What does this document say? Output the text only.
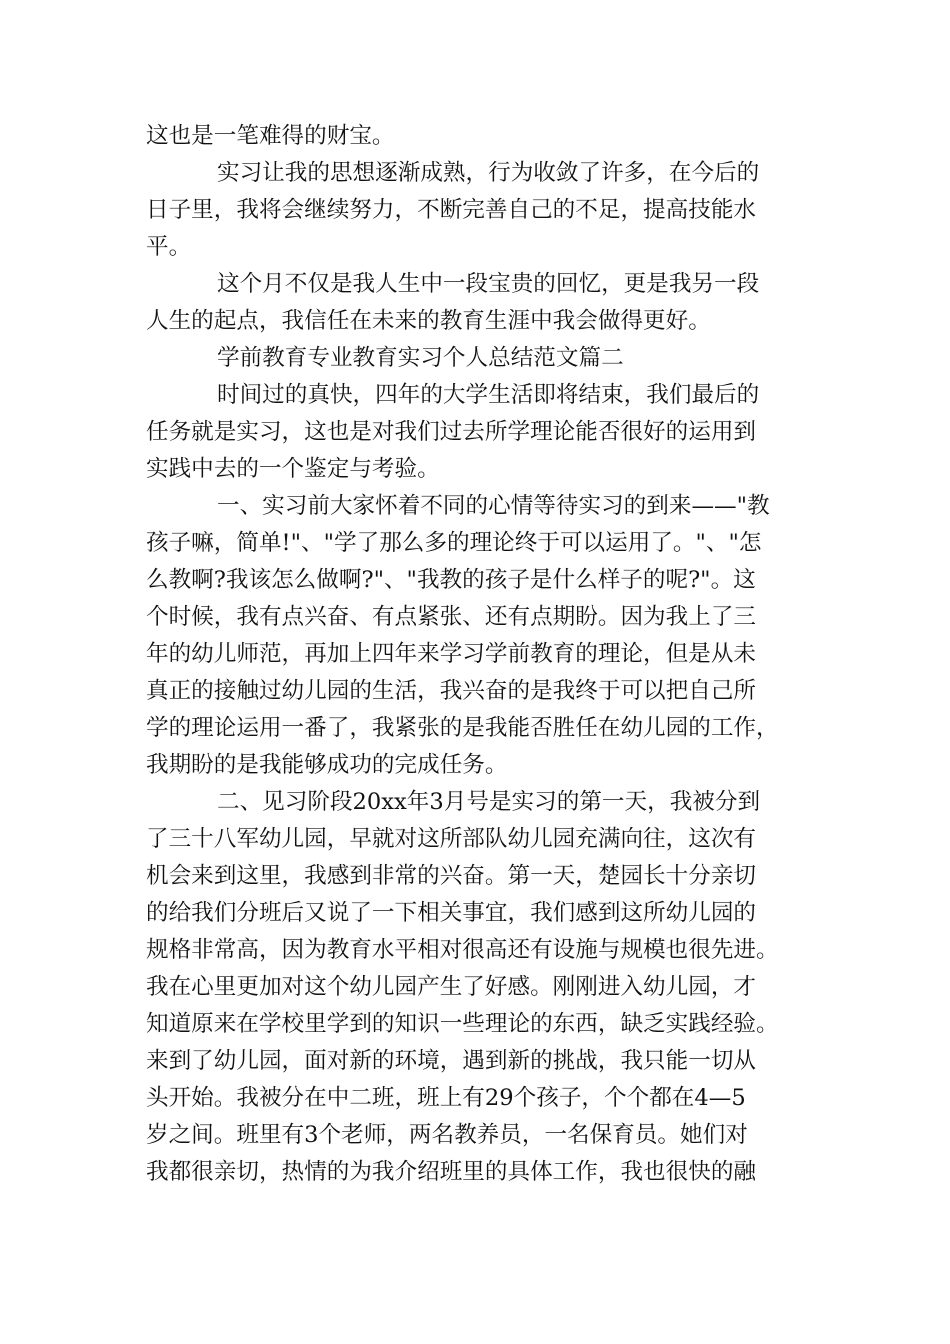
这也是一笔难得的财宝。
实习让我的思想逐渐成熟，行为收敛了许多，在今后的
日子里，我将会继续努力，不断完善自己的不足，提高技能水
平。
这个月不仅是我人生中一段宝贵的回忆，更是我另一段
人生的起点，我信任在未来的教育生涯中我会做得更好。
学前教育专业教育实习个人总结范文篇二
时间过的真快，四年的大学生活即将结束，我们最后的
任务就是实习，这也是对我们过去所学理论能否很好的运用到
实践中去的一个鉴定与考验。
一、实习前大家怀着不同的心情等待实习的到来——"教
孩子嘛，简单!"、"学了那么多的理论终于可以运用了。"、"怎
么教啊?我该怎么做啊?"、"我教的孩子是什么样子的呢?"。这
个时候，我有点兴奋、有点紧张、还有点期盼。因为我上了三
年的幼儿师范，再加上四年来学习学前教育的理论，但是从未
真正的接触过幼儿园的生活，我兴奋的是我终于可以把自己所
学的理论运用一番了，我紧张的是我能否胜任在幼儿园的工作，
我期盼的是我能够成功的完成任务。
二、见习阶段20xx年3月号是实习的第一天，我被分到
了三十八军幼儿园，早就对这所部队幼儿园充满向往，这次有
机会来到这里，我感到非常的兴奋。第一天，楚园长十分亲切
的给我们分班后又说了一下相关事宜，我们感到这所幼儿园的
规格非常高，因为教育水平相对很高还有设施与规模也很先进。
我在心里更加对这个幼儿园产生了好感。刚刚进入幼儿园，才
知道原来在学校里学到的知识一些理论的东西，缺乏实践经验。
来到了幼儿园，面对新的环境，遇到新的挑战，我只能一切从
头开始。我被分在中二班，班上有29个孩子，个个都在4—5
岁之间。班里有3个老师，两名教养员，一名保育员。她们对
我都很亲切，热情的为我介绍班里的具体工作，我也很快的融
